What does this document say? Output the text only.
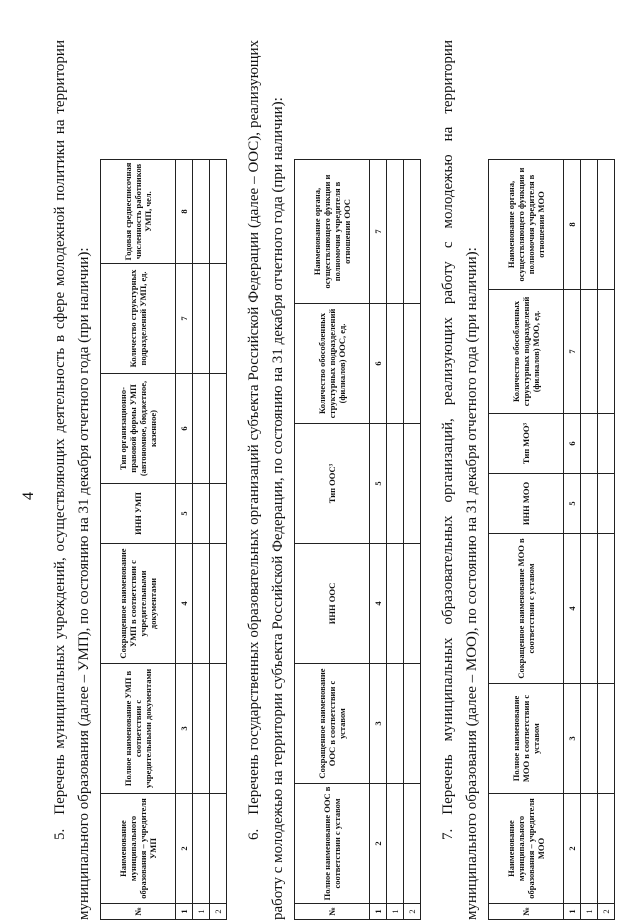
4
5.Перечень муниципальных учреждений, осуществляющих деятельность в сфере молодежной политики на территории муниципального образования (далее – УМП), по состоянию на 31 декабря отчетного года (при наличии):	№	Наименование муниципального образования – учредителя УМП	Полное наименование УМП в соответствии с учредительными документами	Сокращенное наименование УМП в соответствии с учредительными документами	ИНН УМП	Тип организационно-правовой формы УМП (автономное, бюджетное, казенное)	Количество структурных подразделений УМП, ед.	Годовая среднесписочная численность работников УМП, чел.
1	2	3	4	5	6	7	8
1							
2							
6.Перечень государственных образовательных организаций субъекта Российской Федерации (далее – ООС), реализующих работу с молодежью на территории субъекта Российской Федерации, по состоянию на 31 декабря отчетного года (при наличии):	№	Полное наименование ООС в соответствии с уставом	Сокращенное наименование ООС в соответствии с уставом	ИНН ООС	Тип ООС³	Количество обособленных структурных подразделений (филиалов) ООС, ед.	Наименование органа, осуществляющего функции и полномочия учредителя в отношении ООС
1	2	3	4	5	6	7
1						
2						
7.Перечень муниципальных образовательных организаций, реализующих работу с молодежью на территории муниципального образования (далее – МОО), по состоянию на 31 декабря отчетного года (при наличии):	№	Наименование муниципального образования – учредителя МОО	Полное наименование МОО в соответствии с уставом	Сокращенное наименование МОО в соответствии с уставом	ИНН МОО	Тип МОО³	Количество обособленных структурных подразделений (филиалов) МОО, ед.	Наименование органа, осуществляющего функции и полномочия учредителя в отношении МОО
1	2	3	4	5	6	7	8
1							
2							
